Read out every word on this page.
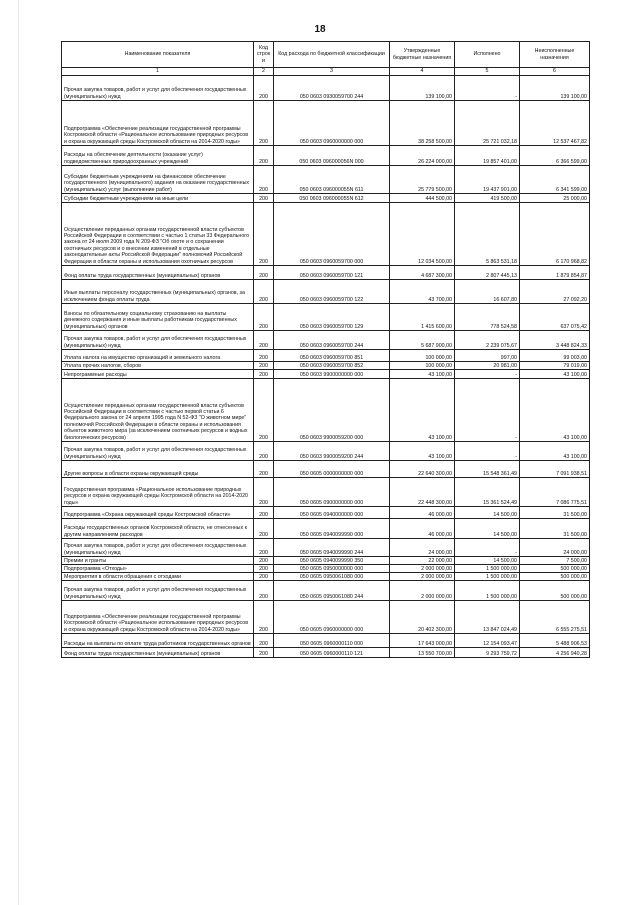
18
Наименование показателя	Код строк и	Код расхода по бюджетной классификации	Утвержденные бюджетные назначения	Исполнено	Неисполненные назначения
1	2	3	4	5	6
Прочая закупка товаров, работ и услуг для обеспечения государственных (муниципальных) нужд	200	050 0603 0930059700 244	139 100,00	-	139 100,00
Подпрограмма «Обеспечение реализации государственной программы Костромской области «Рациональное использование природных ресурсов и охрана окружающей среды Костромской области на 2014-2020 годы»	200	050 0603 0960000000 000	38 258 500,00	25 721 032,18	12 537 467,82
Расходы на обеспечение деятельности (оказание услуг) подведомственных природоохранных учреждений	200	050 0603 096000056N 000	26 224 000,00	19 857 401,00	6 366 599,00
Субсидии бюджетным учреждениям на финансовое обеспечение государственного (муниципального) задания на оказание государственных (муниципальных) услуг (выполнение работ)	200	050 0603 096000055N 611	25 779 500,00	19 437 901,00	6 341 599,00
Субсидии бюджетным учреждениям на иные цели	200	050 0603 096000055N 612	444 500,00	419 500,00	25 000,00
Осуществление переданных органам государственной власти субъектов Российской Федерации в соответствии с частью 1 статьи 33 Федерального закона от 24 июля 2009 года N 209-ФЗ "Об охоте и о сохранении охотничьих ресурсов и о внесении изменений в отдельные законодательные акты Российской Федерации" полномочий Российской Федерации в области охраны и использования охотничьих ресурсов	200	050 0603 0960059700 000	12 034 500,00	5 863 531,18	6 170 968,82
Фонд оплаты труда государственных (муниципальных) органов	200	050 0603 0960059700 121	4 687 300,00	2 807 445,13	1 879 854,87
Иные выплаты персоналу государственных (муниципальных) органов, за исключением фонда оплаты труда	200	050 0603 0960059700 122	43 700,00	16 607,80	27 092,20
Взносы по обязательному социальному страхованию на выплаты денежного содержания и иные выплаты работникам государственных (муниципальных) органов	200	050 0603 0960059700 129	1 415 600,00	778 524,58	637 075,42
Прочая закупка товаров, работ и услуг для обеспечения государственных (муниципальных) нужд	200	050 0603 0960059700 244	5 687 900,00	2 239 075,67	3 448 824,33
Уплата налога на имущество организаций и земельного налога	200	050 0603 0960059700 851	100 000,00	997,00	99 003,00
Уплата прочих налогов, сборов	200	050 0603 0960059700 852	100 000,00	20 981,00	79 019,00
Непрограммные расходы	200	050 0603 9900000000 000	43 100,00	-	43 100,00
Осуществление переданных органам государственной власти субъектов Российской Федерации в соответствии с частью первой статьи 6 Федерального закона от 24 апреля 1995 года N 52-ФЗ "О животном мире" полномочий Российской Федерации в области охраны и использования объектов животного мира (за исключением охотничьих ресурсов и водных биологических ресурсов)	200	050 0603 9900059200 000	43 100,00	-	43 100,00
Прочая закупка товаров, работ и услуг для обеспечения государственных (муниципальных) нужд	200	050 0603 9900059200 244	43 100,00	-	43 100,00
Другие вопросы в области охраны окружающей среды	200	050 0605 0000000000 000	22 640 300,00	15 548 361,49	7 091 938,51
Государственная программа «Рациональное использование природных ресурсов и охрана окружающей среды Костромской области на 2014-2020 годы»	200	050 0605 0900000000 000	22 448 300,00	15 361 524,49	7 086 775,51
Подпрограмма «Охрана окружающей среды Костромской области»	200	050 0605 0940000000 000	46 000,00	14 500,00	31 500,00
Расходы государственных органов Костромской области, не отнесенных к другим направлениям расходов	200	050 0605 0940099990 000	46 000,00	14 500,00	31 500,00
Прочая закупка товаров, работ и услуг для обеспечения государственных (муниципальных) нужд	200	050 0605 0940099990 244	24 000,00	-	24 000,00
Премии и гранты	200	050 0605 0940099990 350	22 000,00	14 500,00	7 500,00
Подпрограмма «Отходы»	200	050 0605 0950000000 000	2 000 000,00	1 500 000,00	500 000,00
Мероприятия в области обращения с отходами	200	050 0605 0950061080 000	2 000 000,00	1 500 000,00	500 000,00
Прочая закупка товаров, работ и услуг для обеспечения государственных (муниципальных) нужд	200	050 0605 0950061080 244	2 000 000,00	1 500 000,00	500 000,00
Подпрограмма «Обеспечение реализации государственной программы Костромской области «Рациональное использование природных ресурсов и охрана окружающей среды Костромской области на 2014-2020 годы»	200	050 0605 0960000000 000	20 402 300,00	13 847 024,49	6 555 275,51
Расходы на выплаты по оплате труда работников государственных органов	200	050 0605 0960000110 000	17 643 000,00	12 154 093,47	5 488 906,53
Фонд оплаты труда государственных (муниципальных) органов	200	050 0605 0960000110 121	13 550 700,00	9 293 759,72	4 256 940,28
